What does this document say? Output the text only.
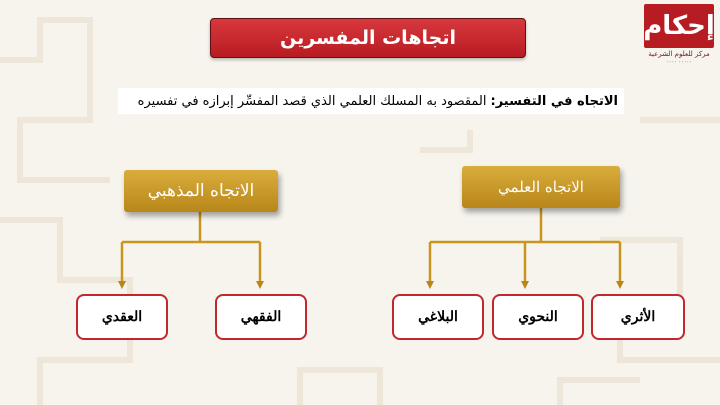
إحكام
مركز للعلوم الشرعية
٠٠٠٠٠ ٠٠٠٠
اتجاهات المفسرين
الاتجاه في التفسير:
المقصود به المسلك العلمي الذي قصد المفسِّر إبرازه في تفسيره
الاتجاه المذهبي	الاتجاه العلمي
العقدي	الفقهي	البلاغي	النحوي	الأثري
